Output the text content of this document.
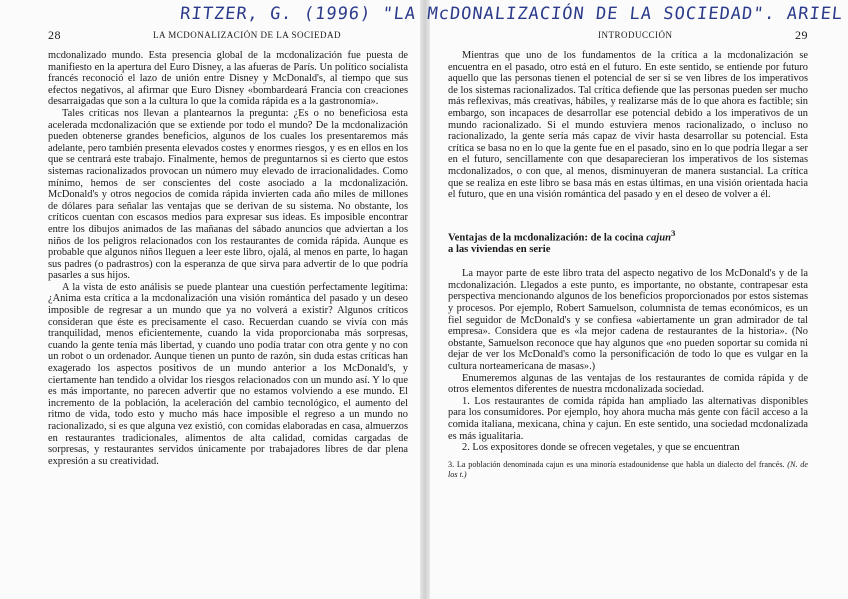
RITZER, G. (1996) "LA McDONALIZACIÓN DE LA SOCIEDAD". ARIEL
28	LA MCDONALIZACIÓN DE LA SOCIEDAD

mcdonalizado mundo. Esta presencia global de la mcdonalización fue puesta de manifiesto en la apertura del Euro Disney, a las afueras de París. Un político socialista francés reconoció el lazo de unión entre Disney y McDonald's, al tiempo que sus efectos negativos, al afirmar que Euro Disney «bombardeará Francia con creaciones desarraigadas que son a la cultura lo que la comida rápida es a la gastronomía».

Tales críticas nos llevan a plantearnos la pregunta: ¿Es o no beneficiosa esta acelerada mcdonalización que se extiende por todo el mundo? De la mcdonalización pueden obtenerse grandes beneficios, algunos de los cuales los presentaremos más adelante, pero también presenta elevados costes y enormes riesgos, y es en ellos en los que se centrará este trabajo. Finalmente, hemos de preguntarnos si es cierto que estos sistemas racionalizados provocan un número muy elevado de irracionalidades. Como mínimo, hemos de ser conscientes del coste asociado a la mcdonalización. McDonald's y otros negocios de comida rápida invierten cada año miles de millones de dólares para señalar las ventajas que se derivan de su sistema. No obstante, los críticos cuentan con escasos medios para expresar sus ideas. Es imposible encontrar entre los dibujos animados de las mañanas del sábado anuncios que adviertan a los niños de los peligros relacionados con los restaurantes de comida rápida. Aunque es probable que algunos niños lleguen a leer este libro, ojalá, al menos en parte, lo hagan sus padres (o padrastros) con la esperanza de que sirva para advertir de lo que podría pasarles a sus hijos.

A la vista de esto análisis se puede plantear una cuestión perfectamente legítima: ¿Anima esta crítica a la mcdonalización una visión romántica del pasado y un deseo imposible de regresar a un mundo que ya no volverá a existir? Algunos críticos consideran que éste es precisamente el caso. Recuerdan cuando se vivía con más tranquilidad, menos eficientemente, cuando la vida proporcionaba más sorpresas, cuando la gente tenía más libertad, y cuando uno podía tratar con otra gente y no con un robot o un ordenador. Aunque tienen un punto de razón, sin duda estas críticas han exagerado los aspectos positivos de un mundo anterior a los McDonald's, y ciertamente han tendido a olvidar los riesgos relacionados con un mundo así. Y lo que es más importante, no parecen advertir que no estamos volviendo a ese mundo. El incremento de la población, la aceleración del cambio tecnológico, el aumento del ritmo de vida, todo esto y mucho más hace imposible el regreso a un mundo no racionalizado, si es que alguna vez existió, con comidas elaboradas en casa, almuerzos en restaurantes tradicionales, alimentos de alta calidad, comidas cargadas de sorpresas, y restaurantes servidos únicamente por trabajadores libres de dar plena expresión a su creatividad.

INTRODUCCIÓN	29

Mientras que uno de los fundamentos de la crítica a la mcdonalización se encuentra en el pasado, otro está en el futuro. En este sentido, se entiende por futuro aquello que las personas tienen el potencial de ser si se ven libres de los imperativos de los sistemas racionalizados. Tal crítica defiende que las personas pueden ser mucho más reflexivas, más creativas, hábiles, y realizarse más de lo que ahora es factible; sin embargo, son incapaces de desarrollar ese potencial debido a los imperativos de un mundo racionalizado. Si el mundo estuviera menos racionalizado, o incluso no racionalizado, la gente sería más capaz de vivir hasta desarrollar su potencial. Esta crítica se basa no en lo que la gente fue en el pasado, sino en lo que podría llegar a ser en el futuro, sencillamente con que desaparecieran los imperativos de los sistemas mcdonalizados, o con que, al menos, disminuyeran de manera sustancial. La crítica que se realiza en este libro se basa más en estas últimas, en una visión orientada hacia el futuro, que en una visión romántica del pasado y en el deseo de volver a él.

Ventajas de la mcdonalización: de la cocina cajun$^3$
a las viviendas en serie

La mayor parte de este libro trata del aspecto negativo de los McDonald's y de la mcdonalización. Llegados a este punto, es importante, no obstante, contrapesar esta perspectiva mencionando algunos de los beneficios proporcionados por estos sistemas y procesos. Por ejemplo, Robert Samuelson, columnista de temas económicos, es un fiel seguidor de McDonald's y se confiesa «abiertamente un gran admirador de tal empresa». Considera que es «la mejor cadena de restaurantes de la historia». (No obstante, Samuelson reconoce que hay algunos que «no pueden soportar su comida ni dejar de ver los McDonald's como la personificación de todo lo que es vulgar en la cultura norteamericana de masas».)

Enumeremos algunas de las ventajas de los restaurantes de comida rápida y de otros elementos diferentes de nuestra mcdonalizada sociedad.

1. Los restaurantes de comida rápida han ampliado las alternativas disponibles para los consumidores. Por ejemplo, hoy ahora mucha más gente con fácil acceso a la comida italiana, mexicana, china y cajun. En este sentido, una sociedad mcdonalizada es más igualitaria.

2. Los expositores donde se ofrecen vegetales, y que se encuentran

3. La población denominada cajun es una minoría estadounidense que habla un dialecto del francés. (N. de los t.)
